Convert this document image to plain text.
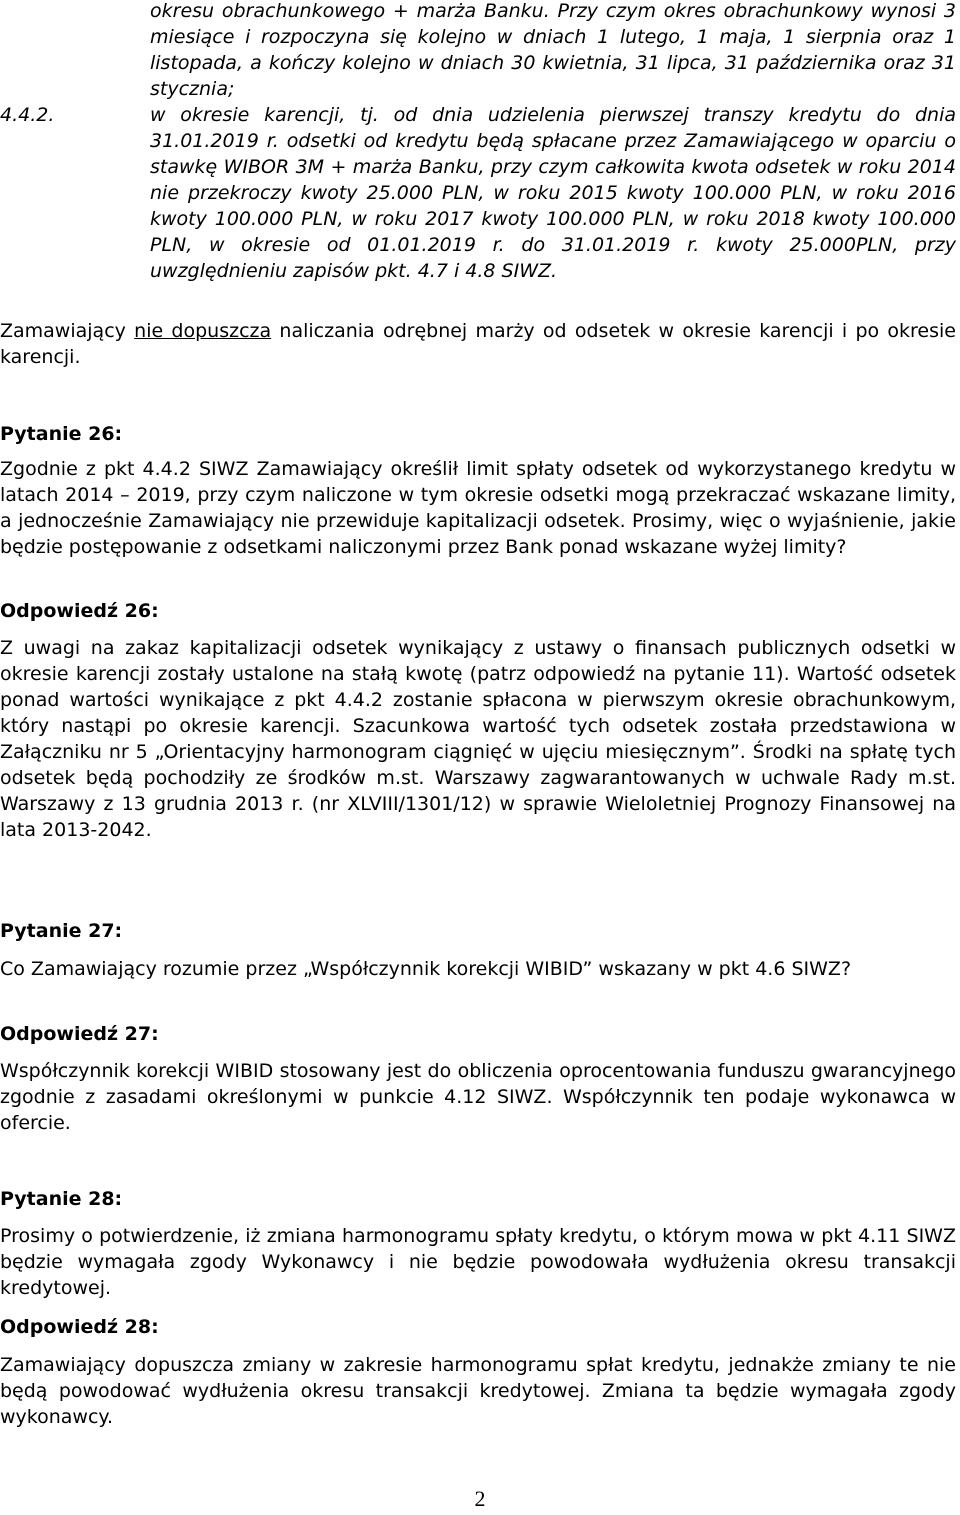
okresu obrachunkowego + marża Banku. Przy czym okres obrachunkowy wynosi 3 miesiące i rozpoczyna się kolejno w dniach 1 lutego, 1 maja, 1 sierpnia oraz 1 listopada, a kończy kolejno w dniach 30 kwietnia, 31 lipca, 31 października oraz 31 stycznia;
4.4.2.	w okresie karencji, tj. od dnia udzielenia pierwszej transzy kredytu do dnia 31.01.2019 r. odsetki od kredytu będą spłacane przez Zamawiającego w oparciu o stawkę WIBOR 3M + marża Banku, przy czym całkowita kwota odsetek w roku 2014 nie przekroczy kwoty 25.000 PLN, w roku 2015 kwoty 100.000 PLN, w roku 2016 kwoty 100.000 PLN, w roku 2017 kwoty 100.000 PLN, w roku 2018 kwoty 100.000 PLN, w okresie od 01.01.2019 r. do 31.01.2019 r. kwoty 25.000PLN, przy uwzględnieniu zapisów pkt. 4.7 i 4.8 SIWZ.

Zamawiający nie dopuszcza naliczania odrębnej marży od odsetek w okresie karencji i po okresie karencji.

Pytanie 26:

Zgodnie z pkt 4.4.2 SIWZ Zamawiający określił limit spłaty odsetek od wykorzystanego kredytu w latach 2014 – 2019, przy czym naliczone w tym okresie odsetki mogą przekraczać wskazane limity, a jednocześnie Zamawiający nie przewiduje kapitalizacji odsetek. Prosimy, więc o wyjaśnienie, jakie będzie postępowanie z odsetkami naliczonymi przez Bank ponad wskazane wyżej limity?

Odpowiedź 26:

Z uwagi na zakaz kapitalizacji odsetek wynikający z ustawy o finansach publicznych odsetki w okresie karencji zostały ustalone na stałą kwotę (patrz odpowiedź na pytanie 11). Wartość odsetek ponad wartości wynikające z pkt 4.4.2 zostanie spłacona w pierwszym okresie obrachunkowym, który nastąpi po okresie karencji. Szacunkowa wartość tych odsetek została przedstawiona w Załączniku nr 5 „Orientacyjny harmonogram ciągnięć w ujęciu miesięcznym”. Środki na spłatę tych odsetek będą pochodziły ze środków m.st. Warszawy zagwarantowanych w uchwale Rady m.st. Warszawy z 13 grudnia 2013 r. (nr XLVIII/1301/12) w sprawie Wieloletniej Prognozy Finansowej na lata 2013-2042.

Pytanie 27:

Co Zamawiający rozumie przez „Współczynnik korekcji WIBID” wskazany w pkt 4.6 SIWZ?

Odpowiedź 27:

Współczynnik korekcji WIBID stosowany jest do obliczenia oprocentowania funduszu gwarancyjnego zgodnie z zasadami określonymi w punkcie 4.12 SIWZ. Współczynnik ten podaje wykonawca w ofercie.

Pytanie 28:

Prosimy o potwierdzenie, iż zmiana harmonogramu spłaty kredytu, o którym mowa w pkt 4.11 SIWZ będzie wymagała zgody Wykonawcy i nie będzie powodowała wydłużenia okresu transakcji kredytowej.

Odpowiedź 28:

Zamawiający dopuszcza zmiany w zakresie harmonogramu spłat kredytu, jednakże zmiany te nie będą powodować wydłużenia okresu transakcji kredytowej. Zmiana ta będzie wymagała zgody wykonawcy.

2
